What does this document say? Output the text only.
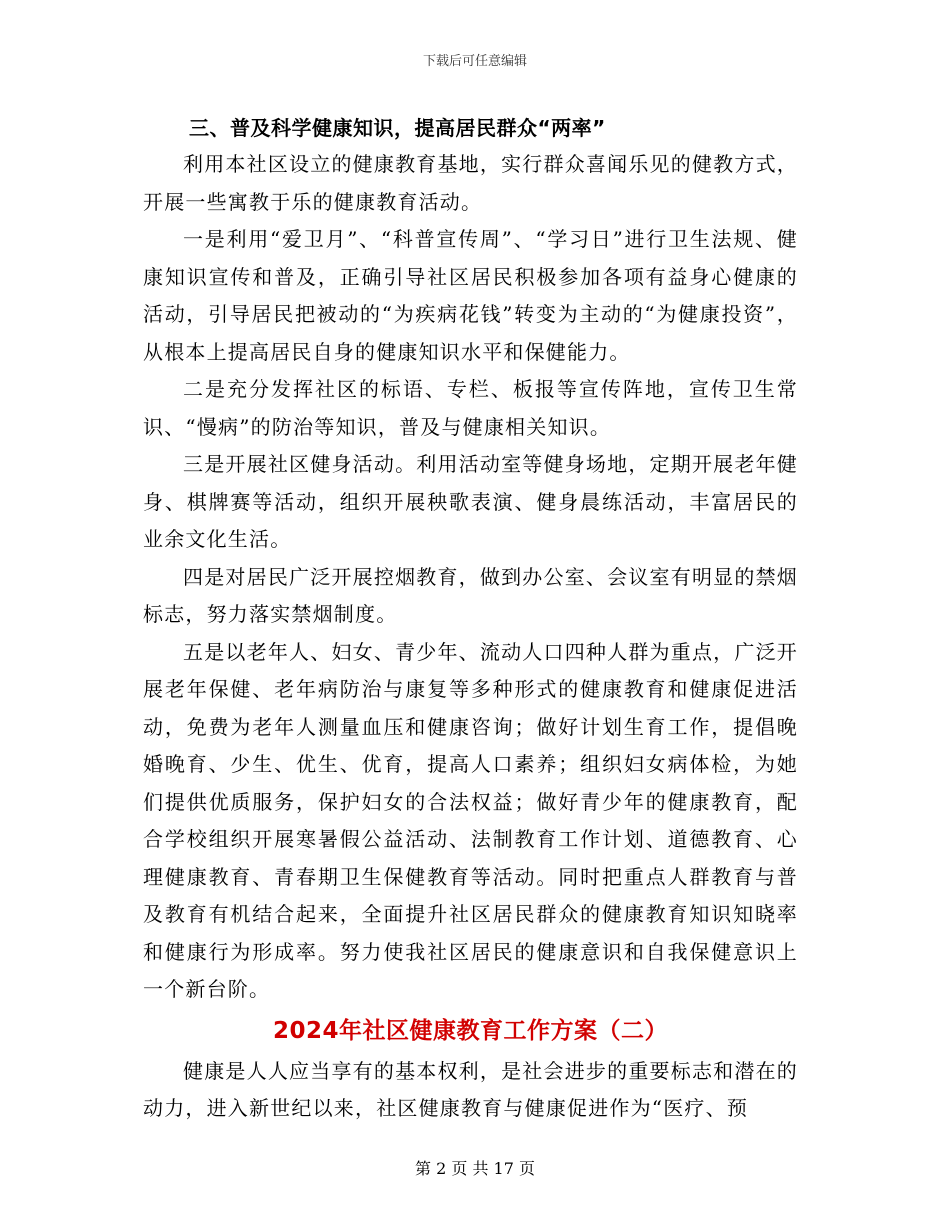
下载后可任意编辑

三、普及科学健康知识，提高居民群众“两率”

利用本社区设立的健康教育基地，实行群众喜闻乐见的健教方式，开展一些寓教于乐的健康教育活动。

一是利用“爱卫月”、“科普宣传周”、“学习日”进行卫生法规、健康知识宣传和普及，正确引导社区居民积极参加各项有益身心健康的活动，引导居民把被动的“为疾病花钱”转变为主动的“为健康投资”，从根本上提高居民自身的健康知识水平和保健能力。

二是充分发挥社区的标语、专栏、板报等宣传阵地，宣传卫生常识、“慢病”的防治等知识，普及与健康相关知识。

三是开展社区健身活动。利用活动室等健身场地，定期开展老年健身、棋牌赛等活动，组织开展秧歌表演、健身晨练活动，丰富居民的业余文化生活。

四是对居民广泛开展控烟教育，做到办公室、会议室有明显的禁烟标志，努力落实禁烟制度。

五是以老年人、妇女、青少年、流动人口四种人群为重点，广泛开展老年保健、老年病防治与康复等多种形式的健康教育和健康促进活动，免费为老年人测量血压和健康咨询；做好计划生育工作，提倡晚婚晚育、少生、优生、优育，提高人口素养；组织妇女病体检，为她们提供优质服务，保护妇女的合法权益；做好青少年的健康教育，配合学校组织开展寒暑假公益活动、法制教育工作计划、道德教育、心理健康教育、青春期卫生保健教育等活动。同时把重点人群教育与普及教育有机结合起来，全面提升社区居民群众的健康教育知识知晓率和健康行为形成率。努力使我社区居民的健康意识和自我保健意识上一个新台阶。

2024年社区健康教育工作方案（二）

健康是人人应当享有的基本权利，是社会进步的重要标志和潜在的动力，进入新世纪以来，社区健康教育与健康促进作为“医疗、预

第 2 页 共 17 页
